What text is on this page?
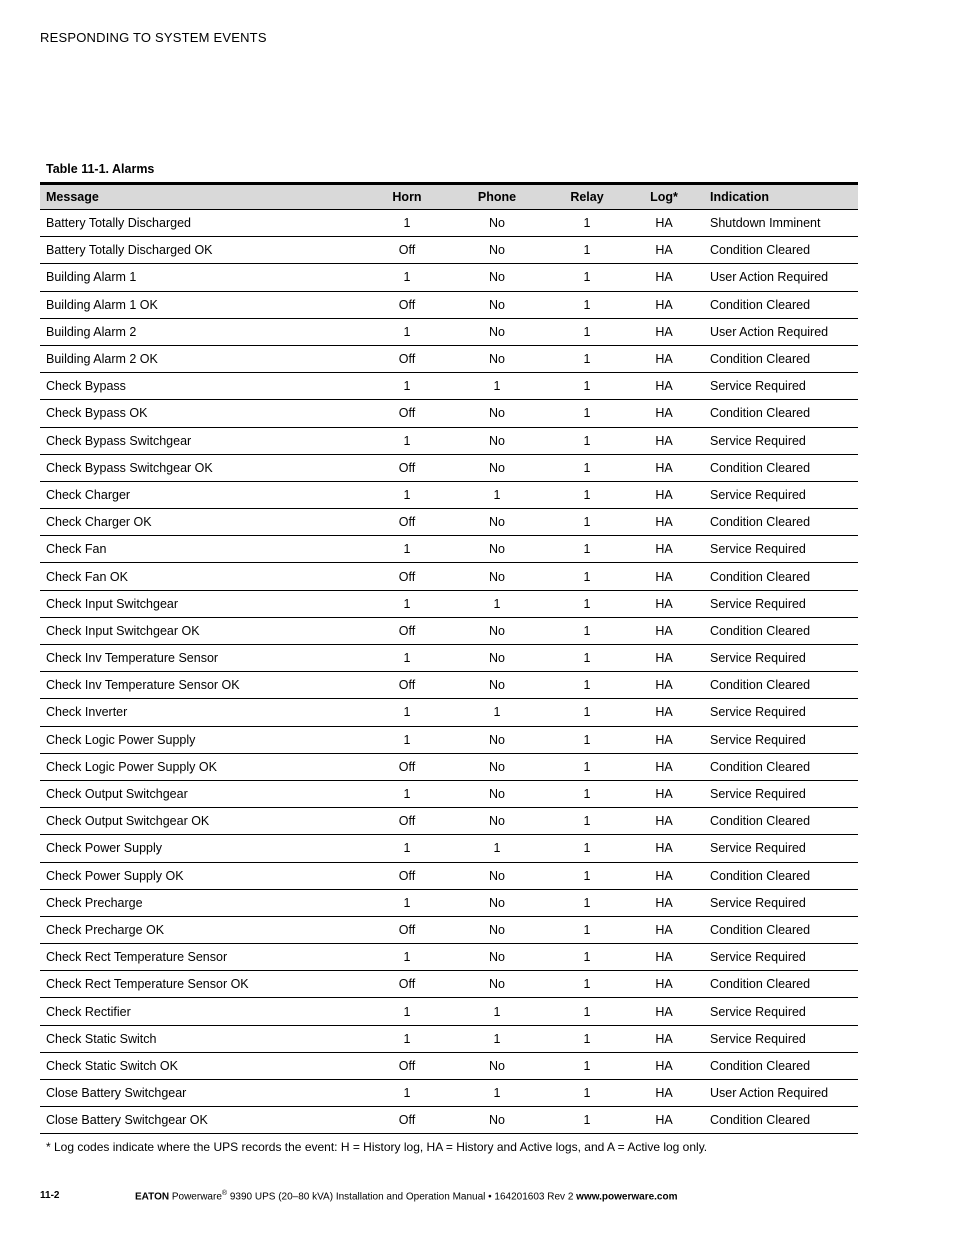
RESPONDING TO SYSTEM EVENTS
Table 11-1. Alarms
Message	Horn	Phone	Relay	Log*	Indication
Battery Totally Discharged	1	No	1	HA	Shutdown Imminent
Battery Totally Discharged OK	Off	No	1	HA	Condition Cleared
Building Alarm 1	1	No	1	HA	User Action Required
Building Alarm 1 OK	Off	No	1	HA	Condition Cleared
Building Alarm 2	1	No	1	HA	User Action Required
Building Alarm 2 OK	Off	No	1	HA	Condition Cleared
Check Bypass	1	1	1	HA	Service Required
Check Bypass OK	Off	No	1	HA	Condition Cleared
Check Bypass Switchgear	1	No	1	HA	Service Required
Check Bypass Switchgear OK	Off	No	1	HA	Condition Cleared
Check Charger	1	1	1	HA	Service Required
Check Charger OK	Off	No	1	HA	Condition Cleared
Check Fan	1	No	1	HA	Service Required
Check Fan OK	Off	No	1	HA	Condition Cleared
Check Input Switchgear	1	1	1	HA	Service Required
Check Input Switchgear OK	Off	No	1	HA	Condition Cleared
Check Inv Temperature Sensor	1	No	1	HA	Service Required
Check Inv Temperature Sensor OK	Off	No	1	HA	Condition Cleared
Check Inverter	1	1	1	HA	Service Required
Check Logic Power Supply	1	No	1	HA	Service Required
Check Logic Power Supply OK	Off	No	1	HA	Condition Cleared
Check Output Switchgear	1	No	1	HA	Service Required
Check Output Switchgear OK	Off	No	1	HA	Condition Cleared
Check Power Supply	1	1	1	HA	Service Required
Check Power Supply OK	Off	No	1	HA	Condition Cleared
Check Precharge	1	No	1	HA	Service Required
Check Precharge OK	Off	No	1	HA	Condition Cleared
Check Rect Temperature Sensor	1	No	1	HA	Service Required
Check Rect Temperature Sensor OK	Off	No	1	HA	Condition Cleared
Check Rectifier	1	1	1	HA	Service Required
Check Static Switch	1	1	1	HA	Service Required
Check Static Switch OK	Off	No	1	HA	Condition Cleared
Close Battery Switchgear	1	1	1	HA	User Action Required
Close Battery Switchgear OK	Off	No	1	HA	Condition Cleared
* Log codes indicate where the UPS records the event: H = History log, HA = History and Active logs, and A = Active log only.
11-2	EATON Powerware® 9390 UPS (20–80 kVA) Installation and Operation Manual • 164201603 Rev 2 www.powerware.com
